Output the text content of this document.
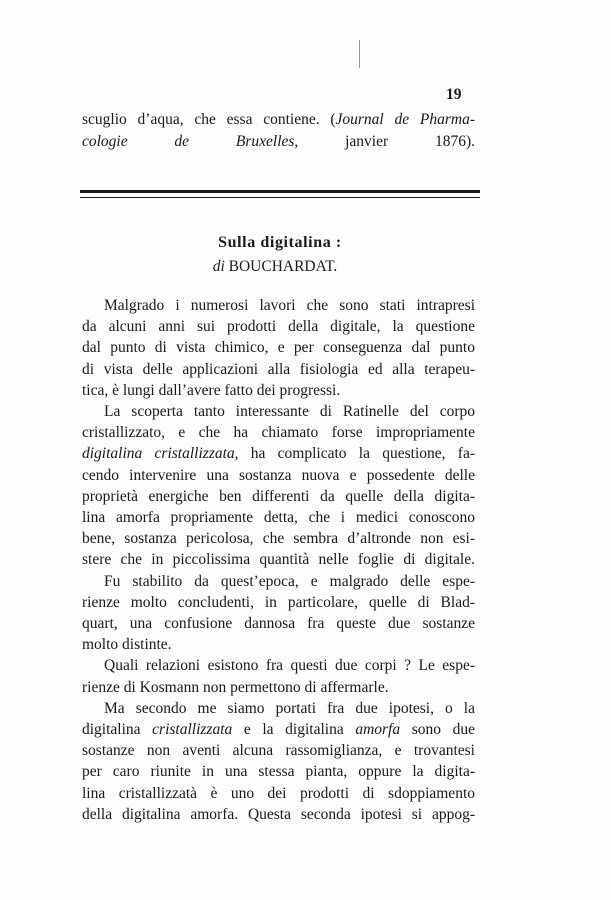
19
scuglio d’aqua, che essa contiene. (Journal de Pharma-
cologie de Bruxelles, janvier 1876).
Sulla digitalina :
di BOUCHARDAT.
Malgrado i numerosi lavori che sono stati intrapresi
da alcuni anni sui prodotti della digitale, la questione
dal punto di vista chimico, e per conseguenza dal punto
di vista delle applicazioni alla fisiologia ed alla terapeu-
tica, è lungi dall’avere fatto dei progressi.
La scoperta tanto interessante di Ratinelle del corpo
cristallizzato, e che ha chiamato forse impropriamente
digitalina cristallizzata, ha complicato la questione, fa-
cendo intervenire una sostanza nuova e possedente delle
proprietà energiche ben differenti da quelle della digita-
lina amorfa propriamente detta, che i medici conoscono
bene, sostanza pericolosa, che sembra d’altronde non esi-
stere che in piccolissima quantità nelle foglie di digitale.
Fu stabilito da quest’epoca, e malgrado delle espe-
rienze molto concludenti, in particolare, quelle di Blad-
quart, una confusione dannosa fra queste due sostanze
molto distinte.
Quali relazioni esistono fra questi due corpi ? Le espe-
rienze di Kosmann non permettono di affermarle.
Ma secondo me siamo portati fra due ipotesi, o la
digitalina cristallizzata e la digitalina amorfa sono due
sostanze non aventi alcuna rassomiglianza, e trovantesi
per caro riunite in una stessa pianta, oppure la digita-
lina cristallizzatà è uno dei prodotti di sdoppiamento
della digitalina amorfa. Questa seconda ipotesi si appog-
